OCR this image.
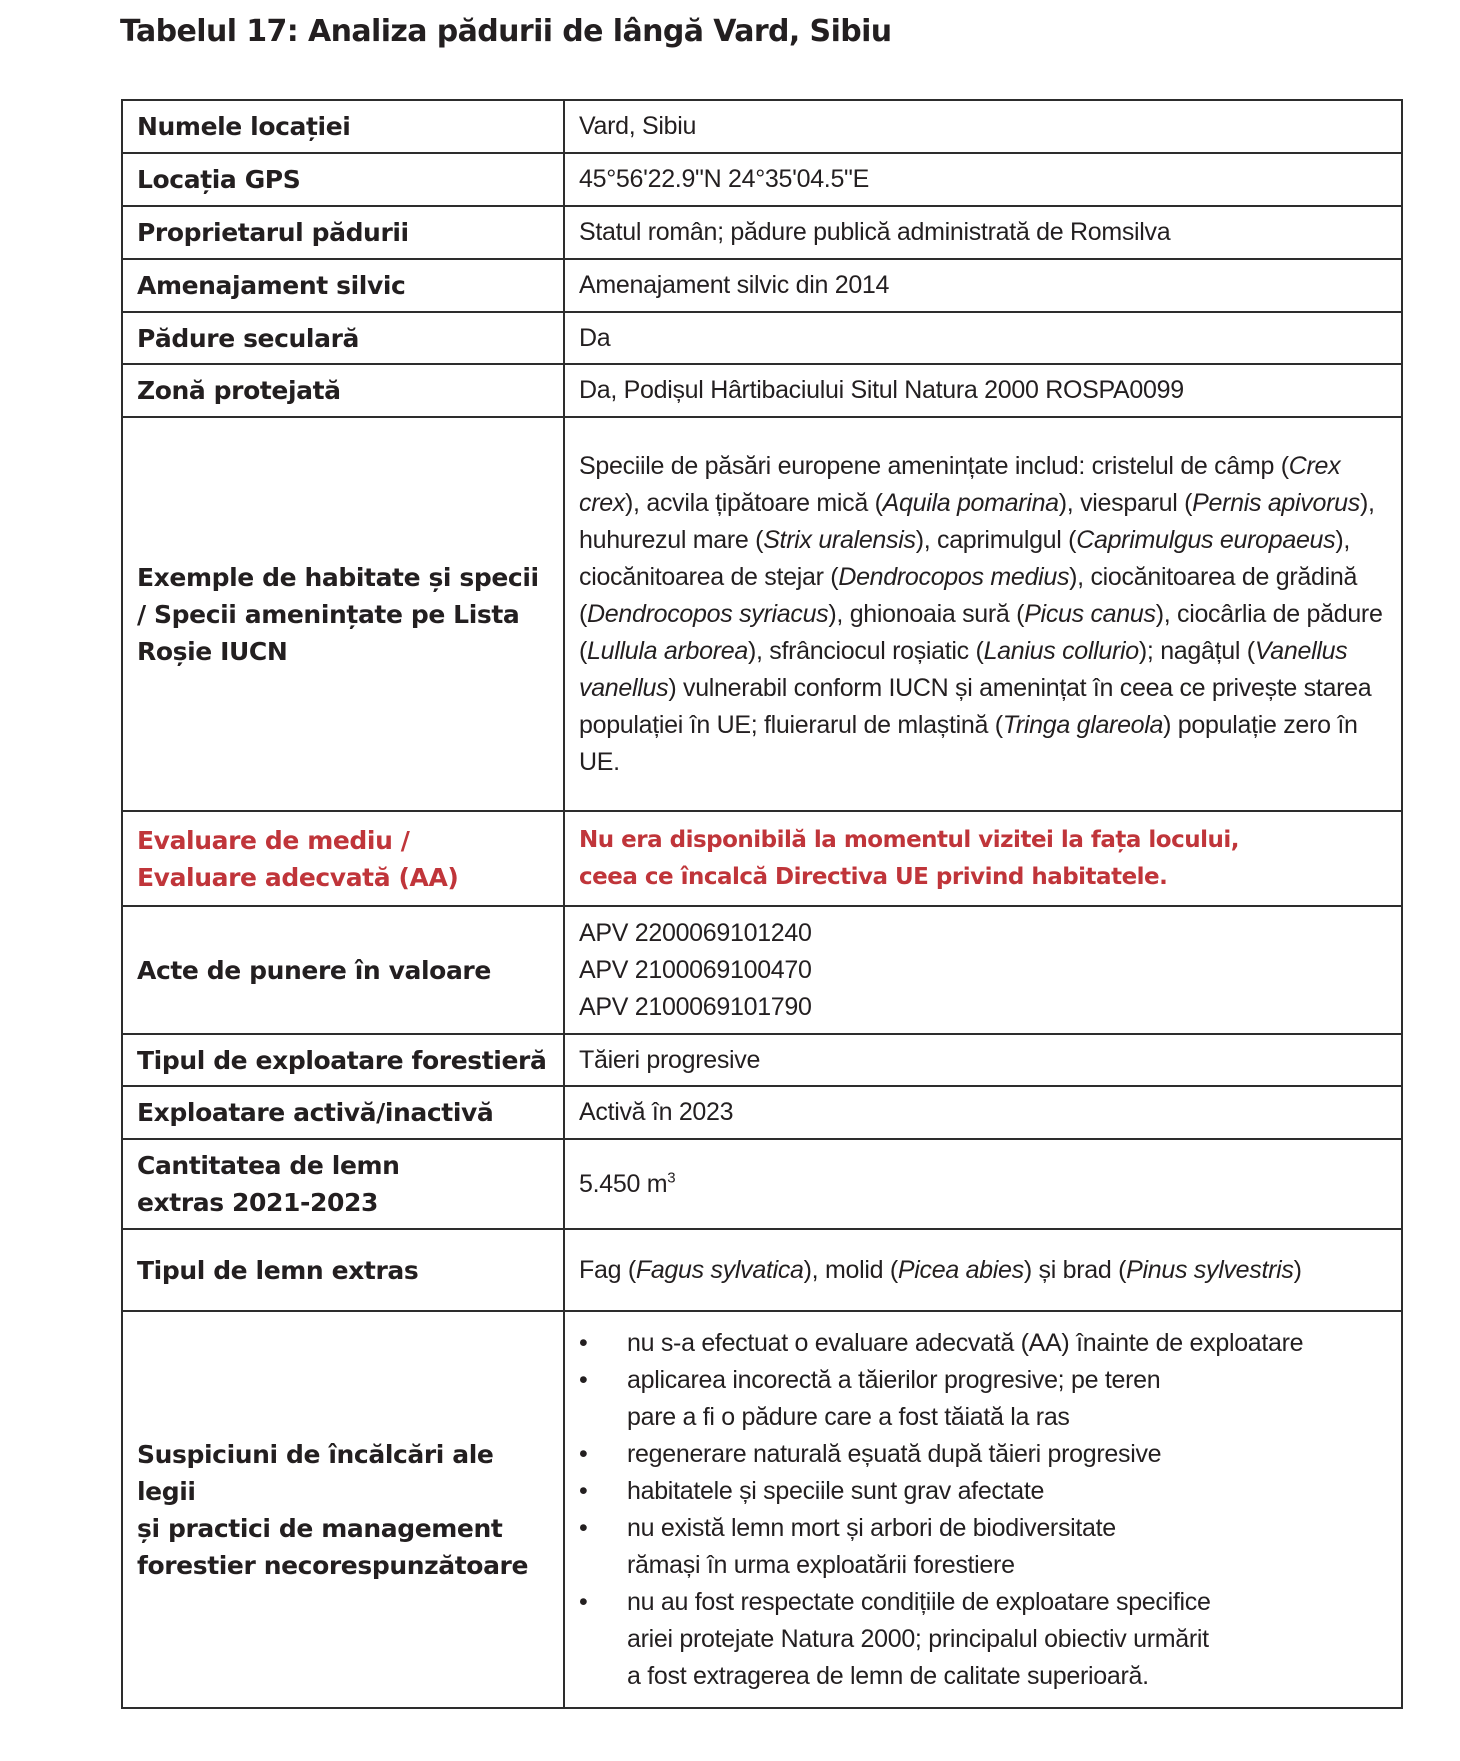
Tabelul 17: Analiza pădurii de lângă Vard, Sibiu
Numele locației	Vard, Sibiu
Locația GPS	45°56'22.9"N 24°35'04.5"E
Proprietarul pădurii	Statul român; pădure publică administrată de Romsilva
Amenajament silvic	Amenajament silvic din 2014
Pădure seculară	Da
Zonă protejată	Da, Podișul Hârtibaciului Situl Natura 2000 ROSPA0099
Exemple de habitate și specii / Specii amenințate pe Lista Roșie IUCN	Speciile de păsări europene amenințate includ: cristelul de câmp (Crex crex), acvila țipătoare mică (Aquila pomarina), viesparul (Pernis apivorus), huhurezul mare (Strix uralensis), caprimulgul (Caprimulgus europaeus), ciocănitoarea de stejar (Dendrocopos medius), ciocănitoarea de grădină (Dendrocopos syriacus), ghionoaia sură (Picus canus), ciocârlia de pădure (Lullula arborea), sfrânciocul roșiatic (Lanius collurio); nagâțul (Vanellus vanellus) vulnerabil conform IUCN și amenințat în ceea ce privește starea populației în UE; fluierarul de mlaștină (Tringa glareola) populație zero în UE.

Evaluare de mediu /
Evaluare adecvată (AA)	Nu era disponibilă la momentul vizitei la fața locului,
ceea ce încalcă Directiva UE privind habitatele.

Acte de punere în valoare	APV 2200069101240
APV 2100069100470
APV 2100069101790

Tipul de exploatare forestieră	Tăieri progresive
Exploatare activă/inactivă	Activă în 2023

Cantitatea de lemn
extras 2021-2023	5.450 $m^3$
Tipul de lemn extras	Fag (Fagus sylvatica), molid (Picea abies) și brad (Pinus sylvestris)

Suspiciuni de încălcări ale legii
și practici de management
forestier necorespunzătoare

• nu s-a efectuat o evaluare adecvată (AA) înainte de exploatare
• aplicarea incorectă a tăierilor progresive; pe teren
pare a fi o pădure care a fost tăiată la ras
• regenerare naturală eșuată după tăieri progresive
• habitatele și speciile sunt grav afectate
• nu există lemn mort și arbori de biodiversitate
rămași în urma exploatării forestiere
• nu au fost respectate condițiile de exploatare specifice
ariei protejate Natura 2000; principalul obiectiv urmărit
a fost extragerea de lemn de calitate superioară.
